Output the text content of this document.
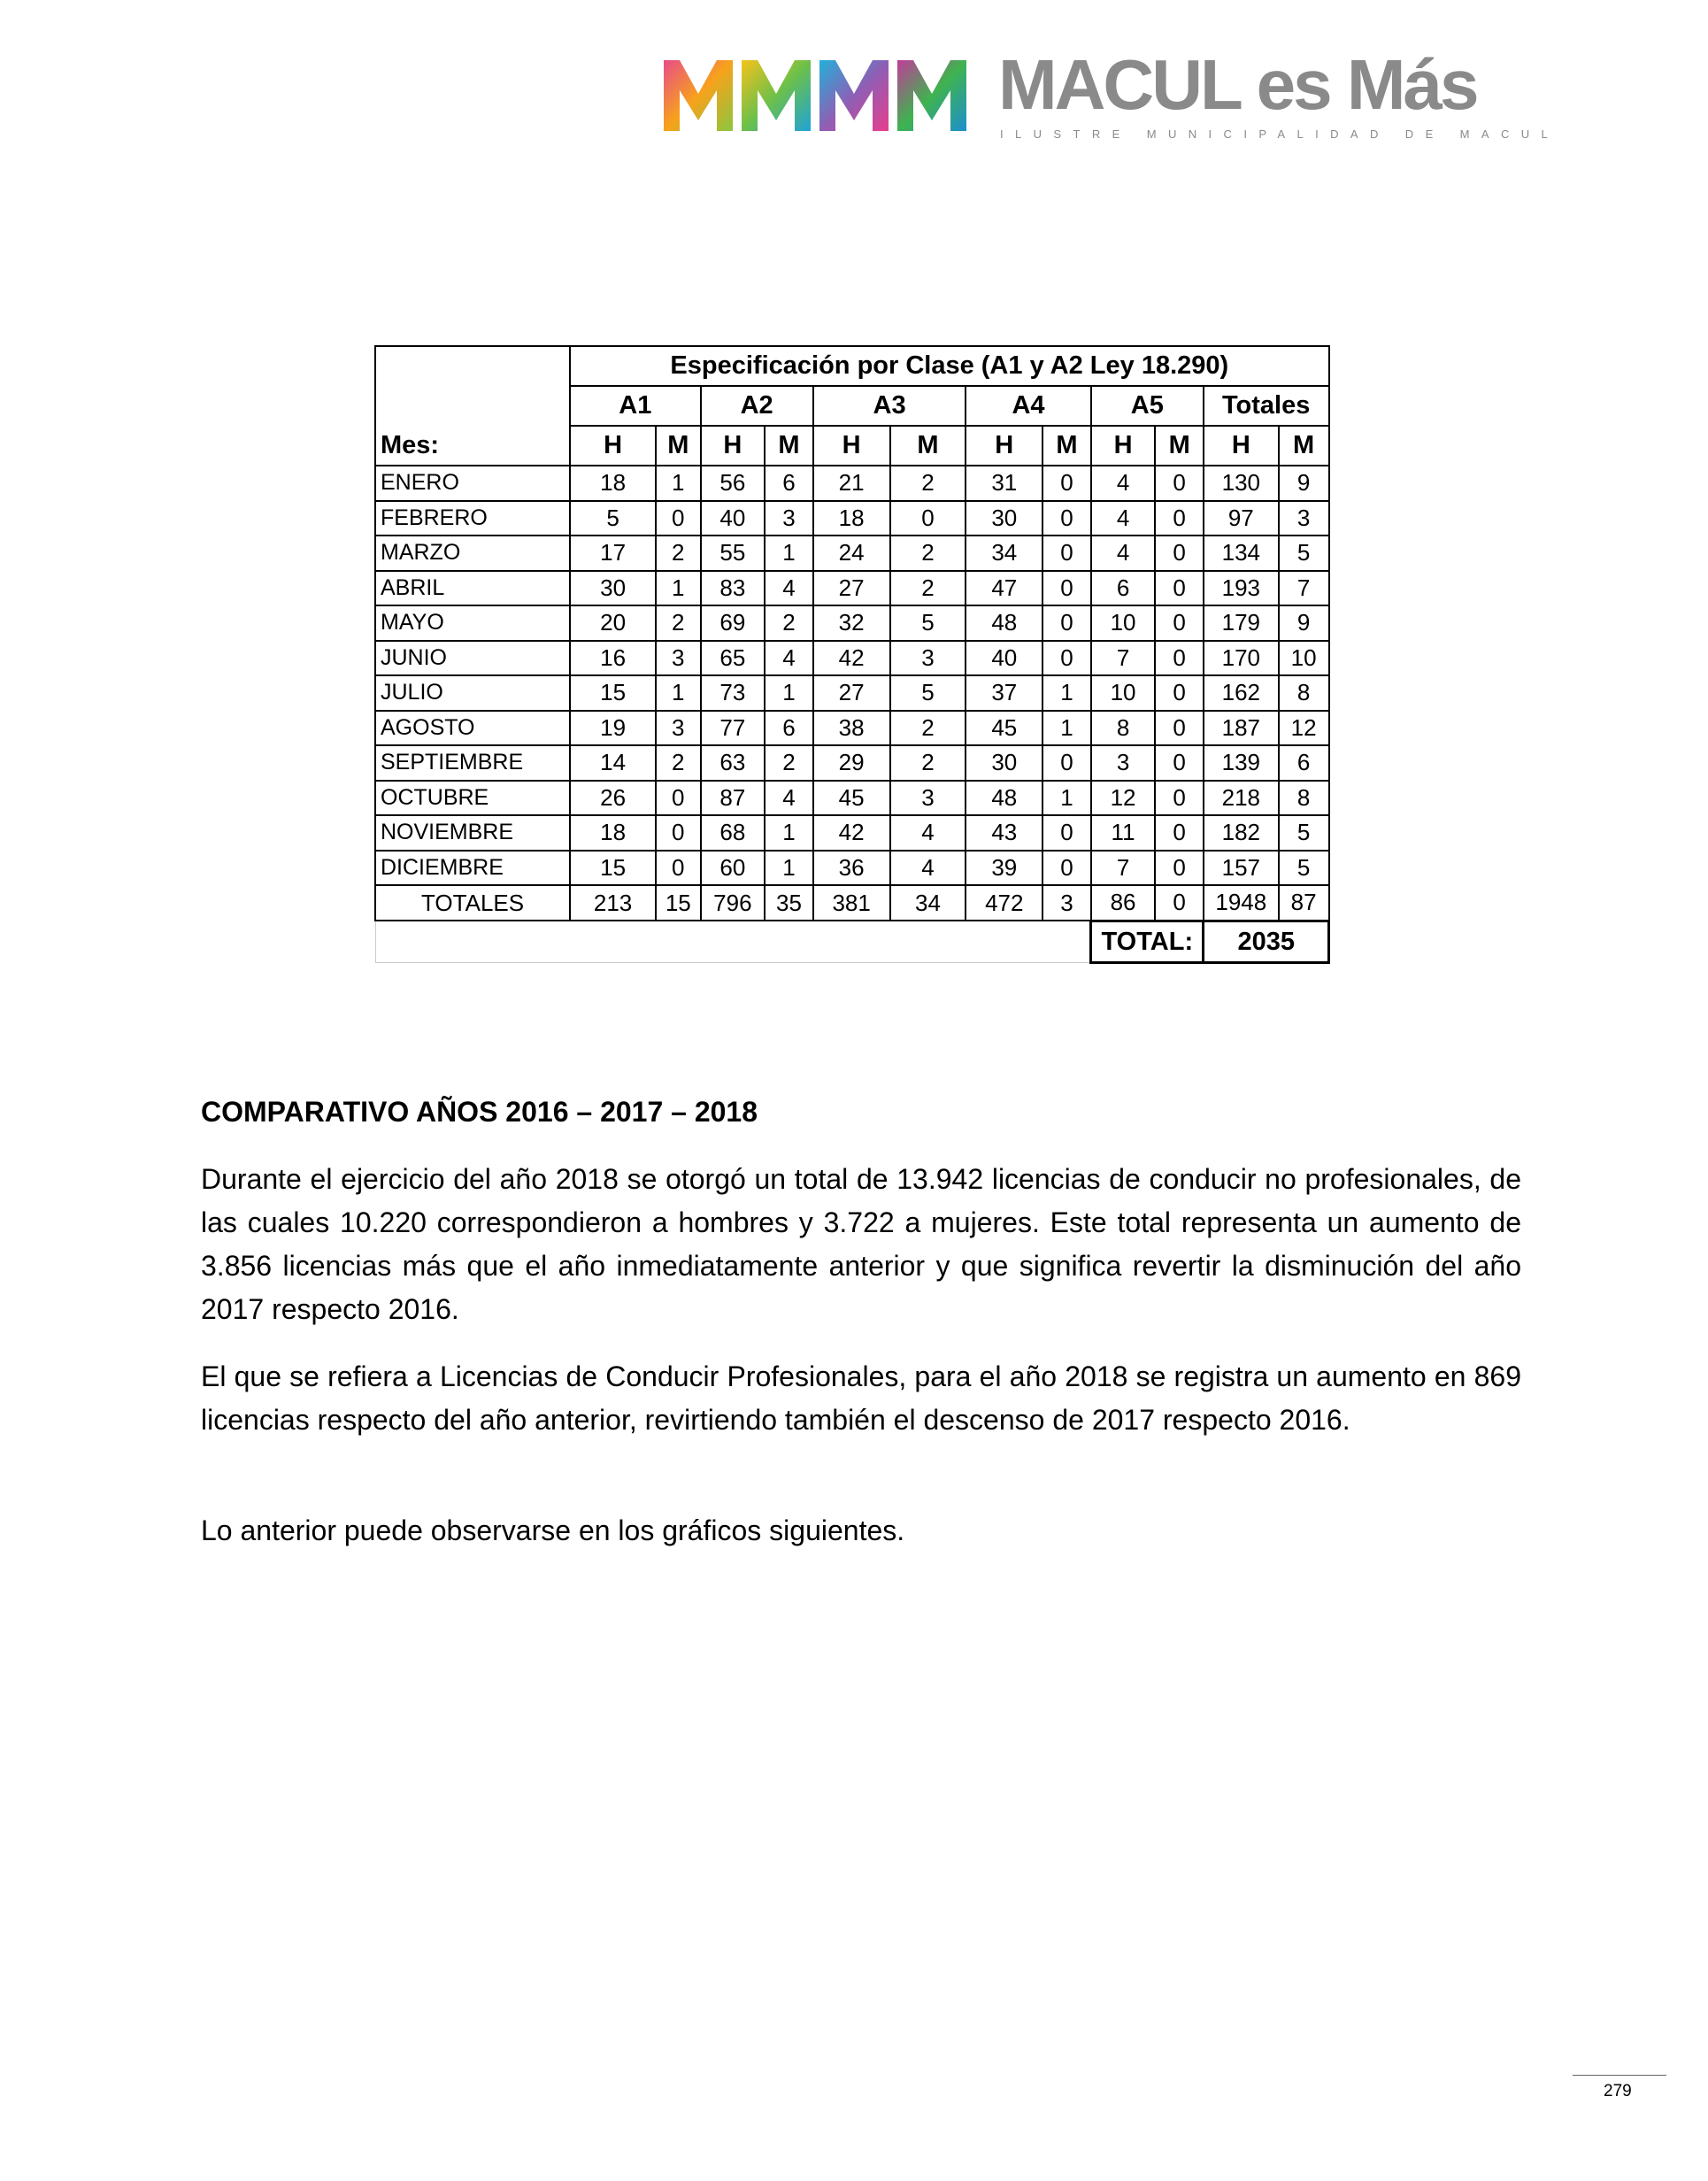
MACUL es Más
ILUSTRE MUNICIPALIDAD DE MACUL
Mes:	Especificación por Clase (A1 y A2 Ley 18.290)											
	A1		A2		A3		A4		A5		Totales	
	H	M	H	M	H	M	H	M	H	M	H	M
ENERO	18	1	56	6	21	2	31	0	4	0	130	9
FEBRERO	5	0	40	3	18	0	30	0	4	0	97	3
MARZO	17	2	55	1	24	2	34	0	4	0	134	5
ABRIL	30	1	83	4	27	2	47	0	6	0	193	7
MAYO	20	2	69	2	32	5	48	0	10	0	179	9
JUNIO	16	3	65	4	42	3	40	0	7	0	170	10
JULIO	15	1	73	1	27	5	37	1	10	0	162	8
AGOSTO	19	3	77	6	38	2	45	1	8	0	187	12
SEPTIEMBRE	14	2	63	2	29	2	30	0	3	0	139	6
OCTUBRE	26	0	87	4	45	3	48	1	12	0	218	8
NOVIEMBRE	18	0	68	1	42	4	43	0	11	0	182	5
DICIEMBRE	15	0	60	1	36	4	39	0	7	0	157	5
TOTALES	213	15	796	35	381	34	472	3	86	0	1948	87
									TOTAL:		2035	
COMPARATIVO AÑOS 2016 – 2017 – 2018

Durante el ejercicio del año 2018 se otorgó un total de 13.942 licencias de conducir no profesionales, de las cuales 10.220 correspondieron a hombres y 3.722 a mujeres. Este total representa un aumento de 3.856 licencias más que el año inmediatamente anterior y que significa revertir la disminución del año 2017 respecto 2016.

El que se refiera a Licencias de Conducir Profesionales, para el año 2018 se registra un aumento en 869 licencias respecto del año anterior, revirtiendo también el descenso de 2017 respecto 2016.

Lo anterior puede observarse en los gráficos siguientes.

279
